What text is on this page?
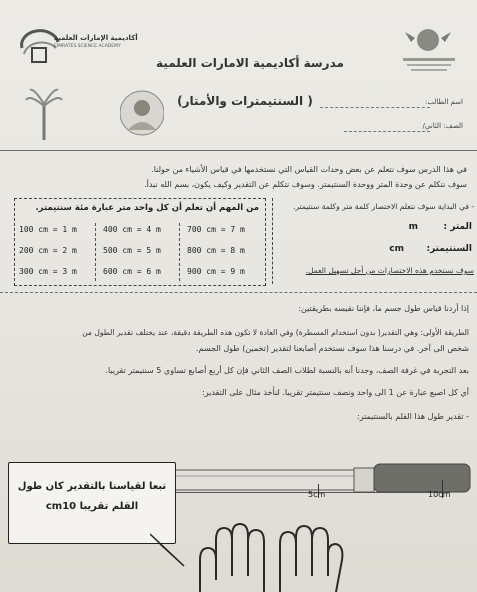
أكاديمية الإمارات العلمية
EMIRATES SCIENCE ACADEMY
مدرسة أكاديمية الامارات العلمية
( السنتيمترات والأمتار)	اسم الطالب:
الصف: الثاني/
في هذا الدرس سوف نتعلم عن بعض وحدات القياس التي نستخدمها في قياس الأشياء من حولنا.
سوف نتكلم عن وحدة المتر ووحدة السنتيمتر. وسوف نتكلم عن التقدير وكيف يكون، بسم الله نبدأ.
من المهم أن تعلم أن كل واحد متر عبارة مئة سنتيمتر.
700 cm = 7 m
400 cm = 4 m
100 cm = 1 m
800 cm = 8 m
500 cm = 5 m
200 cm = 2 m
900 cm = 9 m
600 cm = 6 m
300 cm = 3 m
- في البداية سوف نتعلم الاختصار كلمة متر وكلمة سنتيمتر.
المتر :
m
السنتيمتر:
cm
سوف نستخدم هذه الاختصارات من أجل تسهيل العمل.
إذا أردنا قياس طول جسم ما، فإننا نقيسه بطريقتين:
الطريقة الأولى: وهي التقدير( بدون استخدام المسطرة) وفي العادة لا تكون هذه الطريقة دقيقة، عند يختلف تقدير الطول من
شخص الى آخر. في درسنا هذا سوف نستخدم أصابعنا لتقدير (تخمين) طول الجسم.
بعد التجربة في غرفة الصف، وجدنا أنه بالنسبة لطلاب الصف الثاني فإن كل أربع أصابع تساوي 5 سنتيمتر تقريبا.
أي كل اصبع عبارة عن 1 الى واحد ونصف سنتيمتر تقريبا. لنأخذ مثال على التقدير:
- تقدير طول هذا القلم بالسنتيمتر:
5cm	10cm
تبعا لقياسنا بالتقدير كان طول القلم تقريبا cm10
